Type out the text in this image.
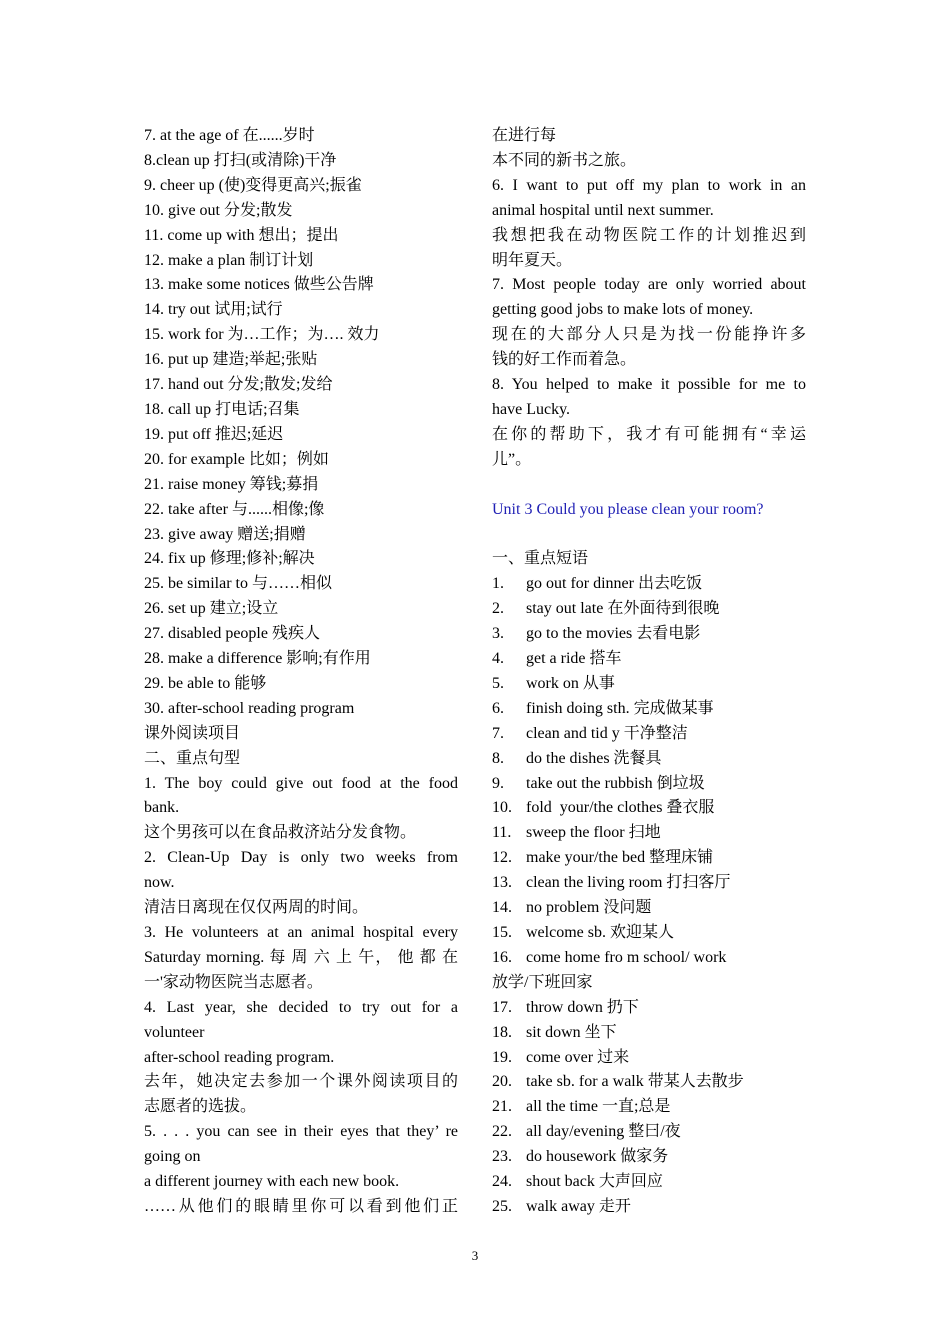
7. at the age of 在......岁时
8.clean up 打扫(或清除)干净
9. cheer up (使)变得更高兴;振雀
10. give out 分发;散发
11. come up with 想出；提出
12. make a plan 制订计划
13. make some notices 做些公告牌
14. try out 试用;试行
15. work for 为…工作；为…. 效力
16. put up 建造;举起;张贴
17. hand out 分发;散发;发给
18. call up 打电话;召集
19. put off 推迟;延迟
20. for example 比如；例如
21. raise money 筹钱;募捐
22. take after 与......相像;像
23. give away 赠送;捐赠
24. fix up 修理;修补;解决
25. be similar to 与……相似
26. set up 建立;设立
27. disabled people 残疾人
28. make a difference 影响;有作用
29. be able to 能够
30. after-school reading program
课外阅读项目
二、重点句型
1. The boy could give out food at the food
bank.
这个男孩可以在食品救济站分发食物。
2. Clean-Up Day is only two weeks from
now.
清洁日离现在仅仅两周的时间。
3. He volunteers at an animal hospital every
Saturday morning. 每 周 六 上 午， 他 都 在
一'家动物医院当志愿者。
4. Last year, she decided to try out for a
volunteer
after-school reading program.
去年，她决定去参加一个课外阅读项目的
志愿者的选拔。
5. . . . you can see in their eyes that they’ re
going on
a different journey with each new book.
……从他们的眼睛里你可以看到他们正
在进行每
本不同的新书之旅。
6. I want to put off my plan to work in an
animal hospital until next summer.
我想把我在动物医院工作的计划推迟到
明年夏天。
7. Most people today are only worried about
getting good jobs to make lots of money.
现在的大部分人只是为找一份能挣许多
钱的好工作而着急。
8. You helped to make it possible for me to
have Lucky.
在你的帮助下，我才有可能拥有“幸运
儿”。
Unit 3 Could you please clean your room?
一、重点短语
1. go out for dinner 出去吃饭
2. stay out late 在外面待到很晚
3. go to the movies 去看电影
4. get a ride 搭车
5. work on 从事
6. finish doing sth. 完成做某事
7. clean and tid y 干净整洁
8. do the dishes 洗餐具
9. take out the rubbish 倒垃圾
10. fold  your/the clothes 叠衣服
11. sweep the floor 扫地
12. make your/the bed 整理床铺
13. clean the living room 打扫客厅
14. no problem 没问题
15. welcome sb. 欢迎某人
16. come home fro m school/ work
放学/下班回家
17. throw down 扔下
18. sit down 坐下
19. come over 过来
20. take sb. for a walk 带某人去散步
21. all the time 一直;总是
22. all day/evening 整曰/夜
23. do housework 做家务
24. shout back 大声回应
25. walk away 走开
3
